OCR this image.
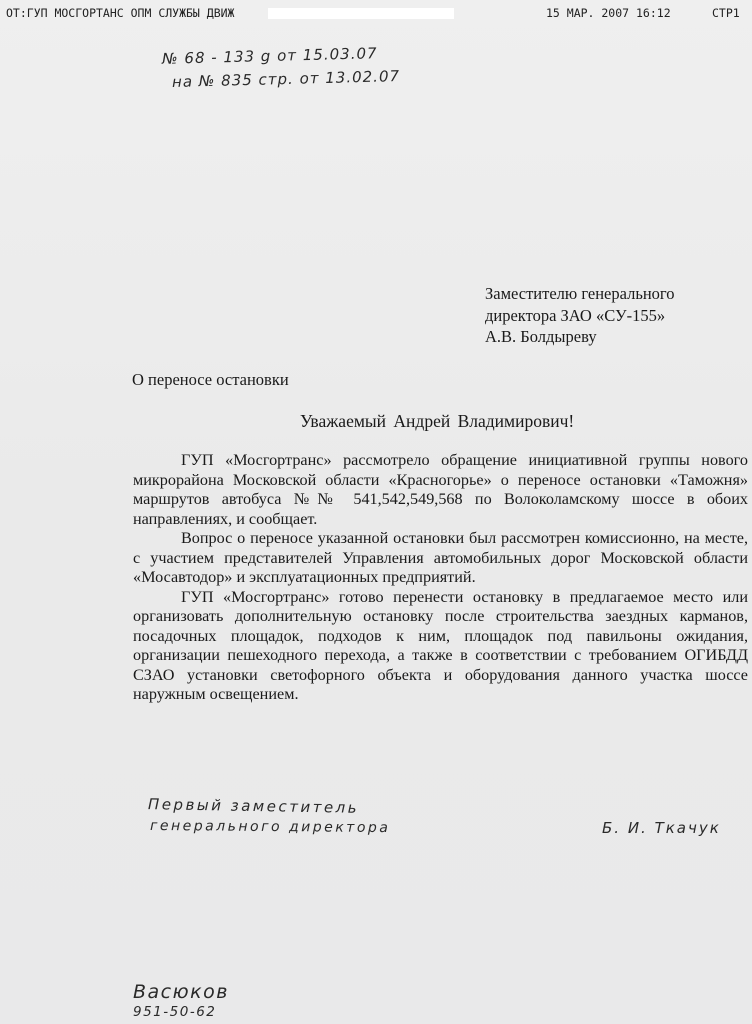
ОТ:ГУП МОСГОРТАНС ОПМ СЛУЖБЫ ДВИЖ	15 МАР. 2007 16:12	СТР1
№ 68 - 133 g от 15.03.07
на № 835 стр. от 13.02.07
Заместителю генерального
директора ЗАО «СУ-155»
А.В. Болдыреву
О переносе остановки
Уважаемый Андрей Владимирович!

ГУП «Мосгортранс» рассмотрело обращение инициативной группы нового микрорайона Московской области «Красногорье» о переносе остановки «Таможня» маршрутов автобуса №№ 541,542,549,568 по Волоколамскому шоссе в обоих направлениях, и сообщает.

Вопрос о переносе указанной остановки был рассмотрен комиссионно, на месте, с участием представителей Управления автомобильных дорог Московской области «Мосавтодор» и эксплуатационных предприятий.

ГУП «Мосгортранс» готово перенести остановку в предлагаемое место или организовать дополнительную остановку после строительства заездных карманов, посадочных площадок, подходов к ним, площадок под павильоны ожидания, организации пешеходного перехода, а также в соответствии с требованием ОГИБДД СЗАО установки светофорного объекта и оборудования данного участка шоссе наружным освещением.

Первый заместитель
генерального директора	Б. И. Ткачук
Васюков
951-50-62
